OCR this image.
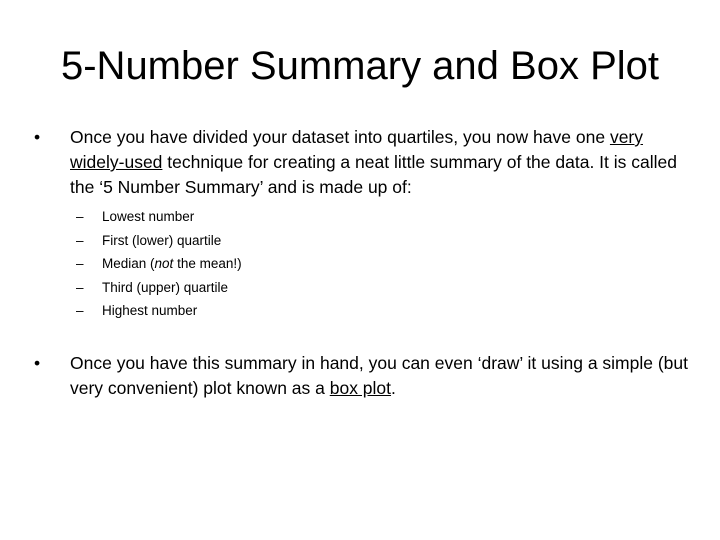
5-Number Summary and Box Plot
•	Once you have divided your dataset into quartiles, you now have one very widely-used technique for creating a neat little summary of the data. It is called the ‘5 Number Summary’ and is made up of:
– Lowest number
– First (lower) quartile
– Median (not the mean!)
– Third (upper) quartile
– Highest number
•	Once you have this summary in hand, you can even ‘draw’ it using a simple (but very convenient) plot known as a box plot.
